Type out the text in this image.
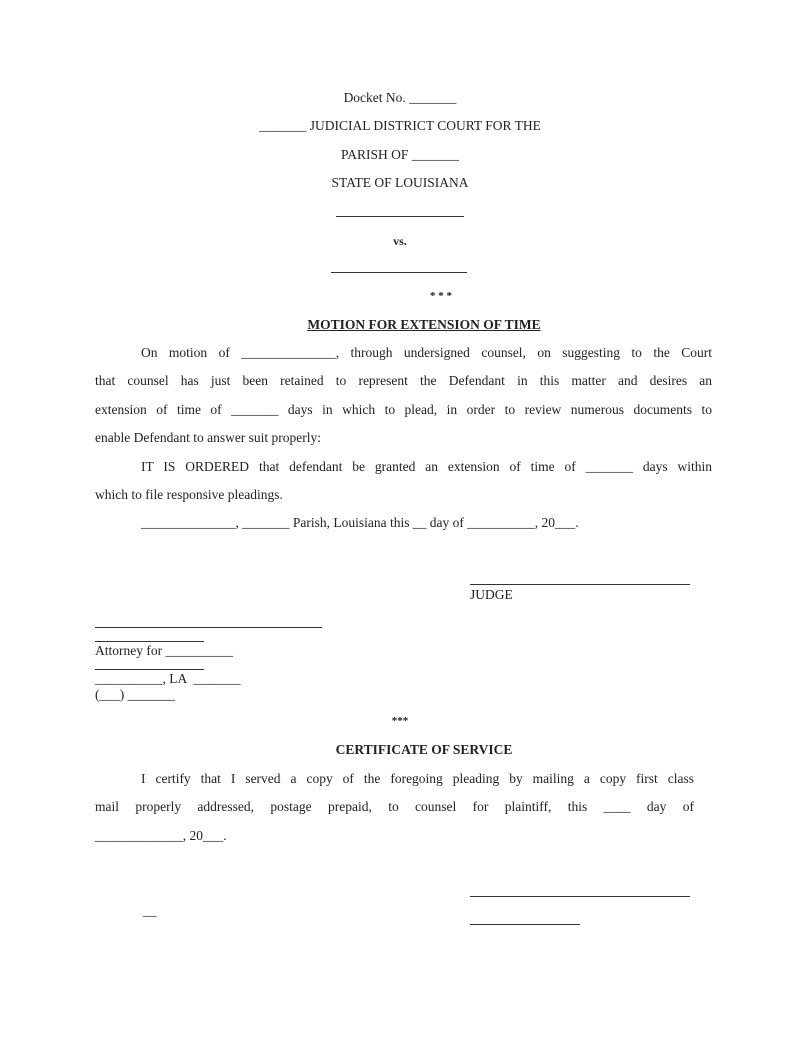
Docket No. _______
_______ JUDICIAL DISTRICT COURT FOR THE
PARISH OF _______
STATE OF LOUISIANA
vs.
* * *
MOTION FOR EXTENSION OF TIME
On motion of ______________, through undersigned counsel, on suggesting to the Court
that counsel has just been retained to represent the Defendant in this matter and desires an
extension of time of _______ days in which to plead, in order to review numerous documents to
enable Defendant to answer suit properly:
IT IS ORDERED that defendant be granted an extension of time of _______ days within
which to file responsive pleadings.
______________, _______ Parish, Louisiana this __ day of __________, 20___.
JUDGE
Attorney for __________
__________, LA  _______
(___) _______
***
CERTIFICATE OF SERVICE
I certify that I served a copy of the foregoing pleading by mailing a copy first class
mail properly addressed, postage prepaid, to counsel for plaintiff, this ____ day of
_____________, 20___.
__
